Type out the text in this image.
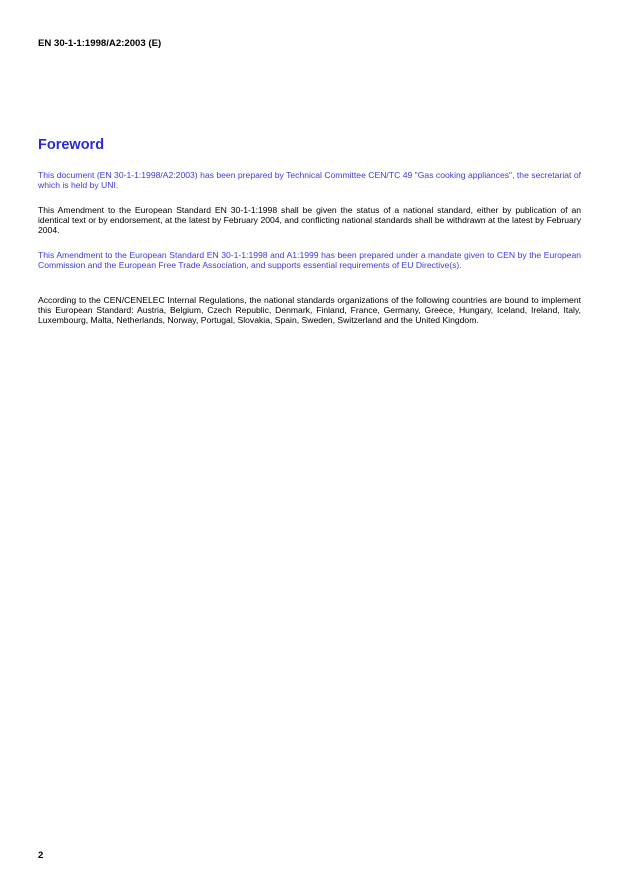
EN 30-1-1:1998/A2:2003 (E)
Foreword
This document (EN 30-1-1:1998/A2:2003) has been prepared by Technical Committee CEN/TC 49 "Gas cooking appliances", the secretariat of which is held by UNI.
This Amendment to the European Standard EN 30-1-1:1998 shall be given the status of a national standard, either by publication of an identical text or by endorsement, at the latest by February 2004, and conflicting national standards shall be withdrawn at the latest by February 2004.
This Amendment to the European Standard EN 30-1-1:1998 and A1:1999 has been prepared under a mandate given to CEN by the European Commission and the European Free Trade Association, and supports essential requirements of EU Directive(s).
According to the CEN/CENELEC Internal Regulations, the national standards organizations of the following countries are bound to implement this European Standard: Austria, Belgium, Czech Republic, Denmark, Finland, France, Germany, Greece, Hungary, Iceland, Ireland, Italy, Luxembourg, Malta, Netherlands, Norway, Portugal, Slovakia, Spain, Sweden, Switzerland and the United Kingdom.
2
